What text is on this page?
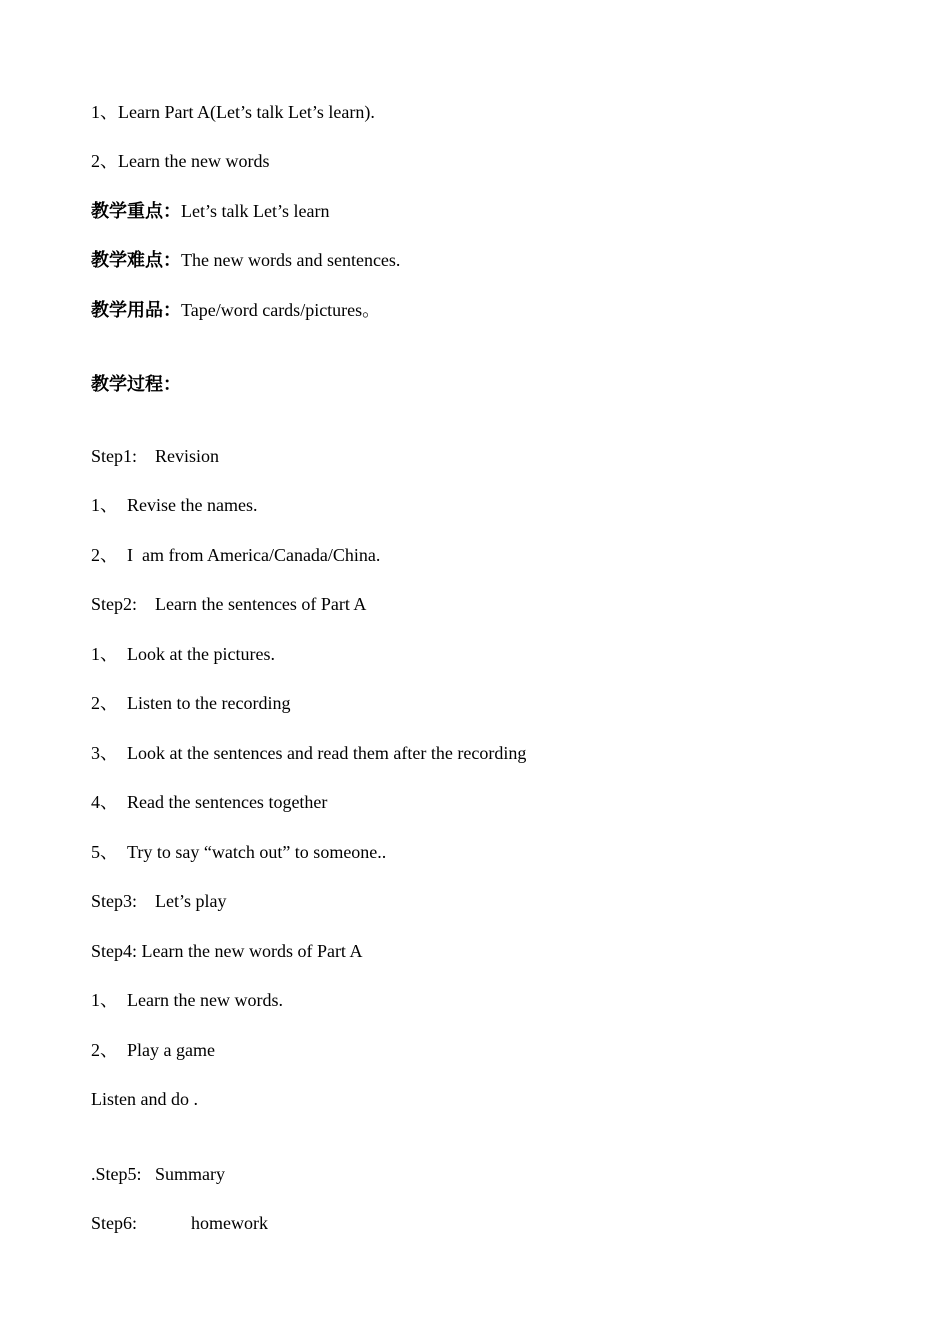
1、Learn Part A(Let’s talk Let’s learn).
2、Learn the new words
教学重点：Let’s talk Let’s learn
教学难点：The new words and sentences.
教学用品：Tape/word cards/pictures。
教学过程：
Step1:    Revision
1、  Revise the names.
2、  I  am from America/Canada/China.
Step2:    Learn the sentences of Part A
1、  Look at the pictures.
2、  Listen to the recording
3、  Look at the sentences and read them after the recording
4、  Read the sentences together
5、  Try to say “watch out” to someone..
Step3:    Let’s play
Step4: Learn the new words of Part A
1、  Learn the new words.
2、  Play a game
Listen and do .
.Step5:   Summary
Step6:            homework
